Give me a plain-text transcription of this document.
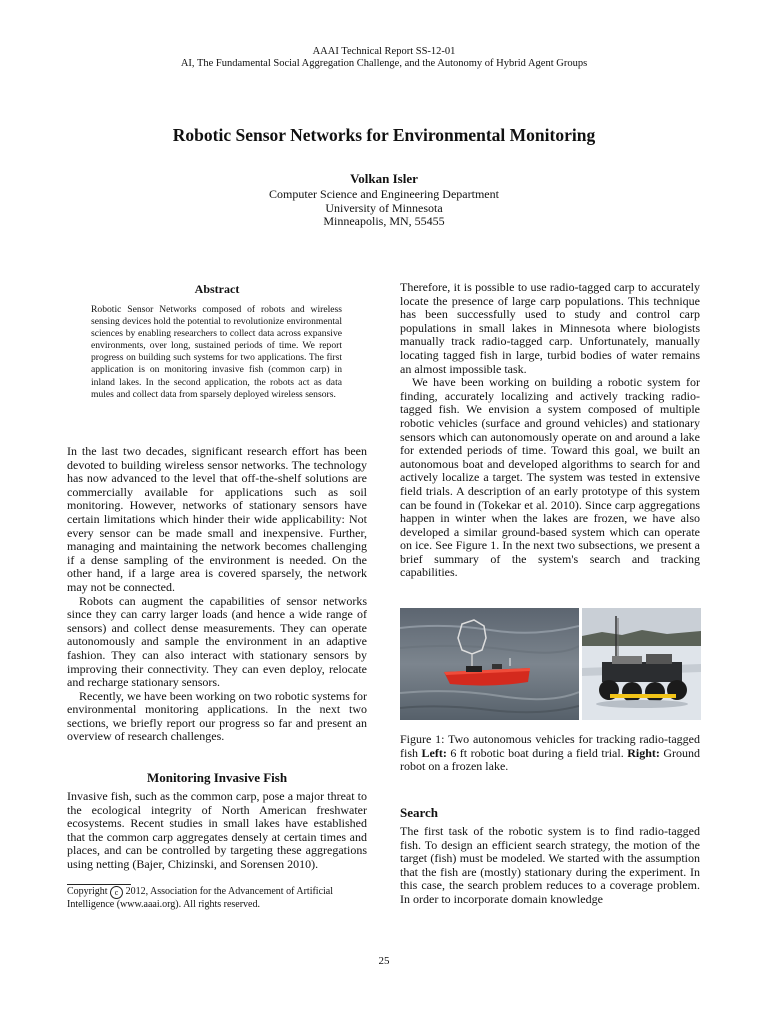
AAAI Technical Report SS-12-01
AI, The Fundamental Social Aggregation Challenge, and the Autonomy of Hybrid Agent Groups
Robotic Sensor Networks for Environmental Monitoring
Volkan Isler
Computer Science and Engineering Department
University of Minnesota
Minneapolis, MN, 55455
Abstract
Robotic Sensor Networks composed of robots and wireless sensing devices hold the potential to revolutionize environmental sciences by enabling researchers to collect data across expansive environments, over long, sustained periods of time. We report progress on building such systems for two applications. The first application is on monitoring invasive fish (common carp) in inland lakes. In the second application, the robots act as data mules and collect data from sparsely deployed wireless sensors.

In the last two decades, significant research effort has been devoted to building wireless sensor networks. The technology has now advanced to the level that off-the-shelf solutions are commercially available for applications such as soil monitoring. However, networks of stationary sensors have certain limitations which hinder their wide applicability: Not every sensor can be made small and inexpensive. Further, managing and maintaining the network becomes challenging if a dense sampling of the environment is needed. On the other hand, if a large area is covered sparsely, the network may not be connected.

Robots can augment the capabilities of sensor networks since they can carry larger loads (and hence a wide range of sensors) and collect dense measurements. They can operate autonomously and sample the environment in an adaptive fashion. They can also interact with stationary sensors by improving their connectivity. They can even deploy, relocate and recharge stationary sensors.

Recently, we have been working on two robotic systems for environmental monitoring applications. In the next two sections, we briefly report our progress so far and present an overview of research challenges.

Monitoring Invasive Fish
Invasive fish, such as the common carp, pose a major threat to the ecological integrity of North American freshwater ecosystems. Recent studies in small lakes have established that the common carp aggregates densely at certain times and places, and can be controlled by targeting these aggregations using netting (Bajer, Chizinski, and Sorensen 2010).
Copyright c 2012, Association for the Advancement of Artificial Intelligence (www.aaai.org). All rights reserved.

Therefore, it is possible to use radio-tagged carp to accurately locate the presence of large carp populations. This technique has been successfully used to study and control carp populations in small lakes in Minnesota where biologists manually track radio-tagged carp. Unfortunately, manually locating tagged fish in large, turbid bodies of water remains an almost impossible task.

We have been working on building a robotic system for finding, accurately localizing and actively tracking radio-tagged fish. We envision a system composed of multiple robotic vehicles (surface and ground vehicles) and stationary sensors which can autonomously operate on and around a lake for extended periods of time. Toward this goal, we built an autonomous boat and developed algorithms to search for and actively localize a target. The system was tested in extensive field trials. A description of an early prototype of this system can be found in (Tokekar et al. 2010). Since carp aggregations happen in winter when the lakes are frozen, we have also developed a similar ground-based system which can operate on ice. See Figure 1. In the next two subsections, we present a brief summary of the system's search and tracking capabilities.

Figure 1: Two autonomous vehicles for tracking radio-tagged fish Left: 6 ft robotic boat during a field trial. Right: Ground robot on a frozen lake.
Search
The first task of the robotic system is to find radio-tagged fish. To design an efficient search strategy, the motion of the target (fish) must be modeled. We started with the assumption that the fish are (mostly) stationary during the experiment. In this case, the search problem reduces to a coverage problem. In order to incorporate domain knowledge
25
